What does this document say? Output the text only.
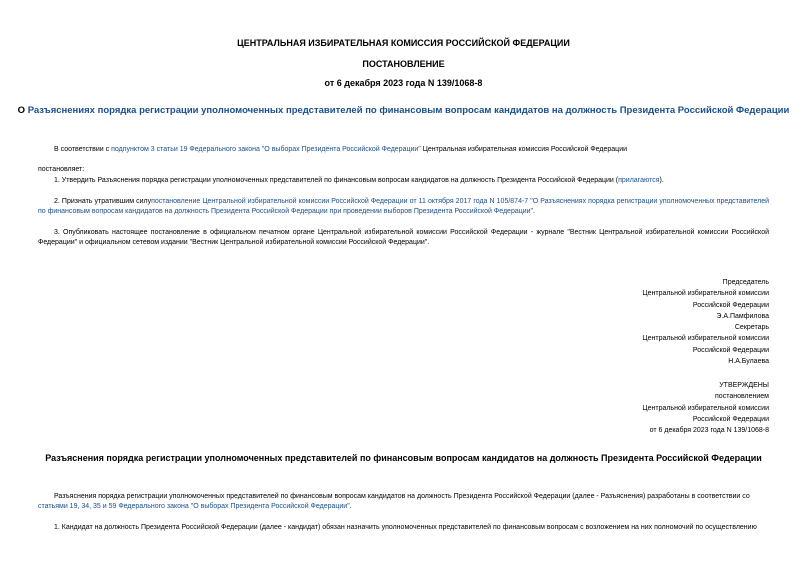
ЦЕНТРАЛЬНАЯ ИЗБИРАТЕЛЬНАЯ КОМИССИЯ РОССИЙСКОЙ ФЕДЕРАЦИИ
ПОСТАНОВЛЕНИЕ
от 6 декабря 2023 года N 139/1068-8
О Разъяснениях порядка регистрации уполномоченных представителей по финансовым вопросам кандидатов на должность Президента Российской Федерации
В соответствии с подпунктом 3 статьи 19 Федерального закона "О выборах Президента Российской Федерации" Центральная избирательная комиссия Российской Федерации
постановляет:
1. Утвердить Разъяснения порядка регистрации уполномоченных представителей по финансовым вопросам кандидатов на должность Президента Российской Федерации (прилагаются).
2. Признать утратившим силупостановление Центральной избирательной комиссии Российской Федерации от 11 октября 2017 года N 105/874-7 "О Разъяснениях порядка регистрации уполномоченных представителей по финансовым вопросам кандидатов на должность Президента Российской Федерации при проведении выборов Президента Российской Федерации".
3. Опубликовать настоящее постановление в официальном печатном органе Центральной избирательной комиссии Российской Федерации - журнале "Вестник Центральной избирательной комиссии Российской Федерации" и официальном сетевом издании "Вестник Центральной избирательной комиссии Российской Федерации".
Председатель
Центральной избирательной комиссии
Российской Федерации
Э.А.Памфилова
Секретарь
Центральной избирательной комиссии
Российской Федерации
Н.А.Булаева
УТВЕРЖДЕНЫ
постановлением
Центральной избирательной комиссии
Российской Федерации
от 6 декабря 2023 года N 139/1068-8
Разъяснения порядка регистрации уполномоченных представителей по финансовым вопросам кандидатов на должность Президента Российской Федерации
Разъяснения порядка регистрации уполномоченных представителей по финансовым вопросам кандидатов на должность Президента Российской Федерации (далее - Разъяснения) разработаны в соответствии со статьями 19, 34, 35 и 59 Федерального закона "О выборах Президента Российской Федерации".
1. Кандидат на должность Президента Российской Федерации (далее - кандидат) обязан назначить уполномоченных представителей по финансовым вопросам с возложением на них полномочий по осуществлению
